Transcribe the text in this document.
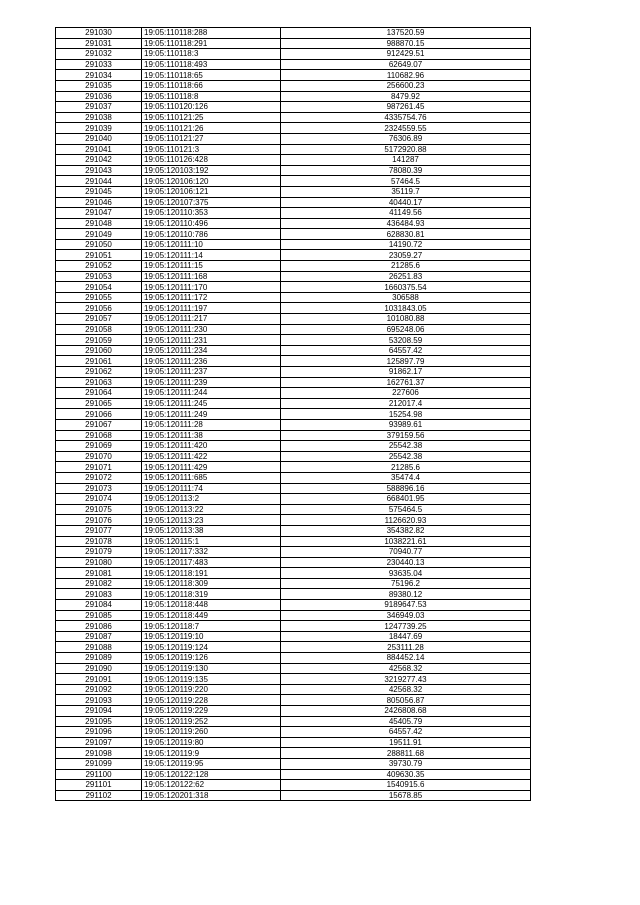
291030	19:05:110118:288	137520.59
291031	19:05:110118:291	988870.15
291032	19:05:110118:3	912429.51
291033	19:05:110118:493	62649.07
291034	19:05:110118:65	110682.96
291035	19:05:110118:66	256600.23
291036	19:05:110118:8	8479.92
291037	19:05:110120:126	987261.45
291038	19:05:110121:25	4335754.76
291039	19:05:110121:26	2324559.55
291040	19:05:110121:27	76306.89
291041	19:05:110121:3	5172920.88
291042	19:05:110126:428	141287
291043	19:05:120103:192	78080.39
291044	19:05:120106:120	57464.5
291045	19:05:120106:121	35119.7
291046	19:05:120107:375	40440.17
291047	19:05:120110:353	41149.56
291048	19:05:120110:496	436484.93
291049	19:05:120110:786	628830.81
291050	19:05:120111:10	14190.72
291051	19:05:120111:14	23059.27
291052	19:05:120111:15	21285.6
291053	19:05:120111:168	26251.83
291054	19:05:120111:170	1660375.54
291055	19:05:120111:172	306588
291056	19:05:120111:197	1031843.05
291057	19:05:120111:217	101080.88
291058	19:05:120111:230	695248.06
291059	19:05:120111:231	53208.59
291060	19:05:120111:234	64557.42
291061	19:05:120111:236	125897.79
291062	19:05:120111:237	91862.17
291063	19:05:120111:239	162761.37
291064	19:05:120111:244	227606
291065	19:05:120111:245	212017.4
291066	19:05:120111:249	15254.98
291067	19:05:120111:28	93989.61
291068	19:05:120111:38	379159.56
291069	19:05:120111:420	25542.38
291070	19:05:120111:422	25542.38
291071	19:05:120111:429	21285.6
291072	19:05:120111:685	35474.4
291073	19:05:120111:74	588896.16
291074	19:05:120113:2	668401.95
291075	19:05:120113:22	575464.5
291076	19:05:120113:23	1126620.93
291077	19:05:120113:38	354382.82
291078	19:05:120115:1	1038221.61
291079	19:05:120117:332	70940.77
291080	19:05:120117:483	230440.13
291081	19:05:120118:191	93635.04
291082	19:05:120118:309	75196.2
291083	19:05:120118:319	89380.12
291084	19:05:120118:448	9189647.53
291085	19:05:120118:449	346949.03
291086	19:05:120118:7	1247739.25
291087	19:05:120119:10	18447.69
291088	19:05:120119:124	253111.28
291089	19:05:120119:126	884452.14
291090	19:05:120119:130	42568.32
291091	19:05:120119:135	3219277.43
291092	19:05:120119:220	42568.32
291093	19:05:120119:228	805056.87
291094	19:05:120119:229	2426808.68
291095	19:05:120119:252	45405.79
291096	19:05:120119:260	64557.42
291097	19:05:120119:80	19511.91
291098	19:05:120119:9	288811.68
291099	19:05:120119:95	39730.79
291100	19:05:120122:128	409630.35
291101	19:05:120122:62	1540915.6
291102	19:05:120201:318	15678.85
